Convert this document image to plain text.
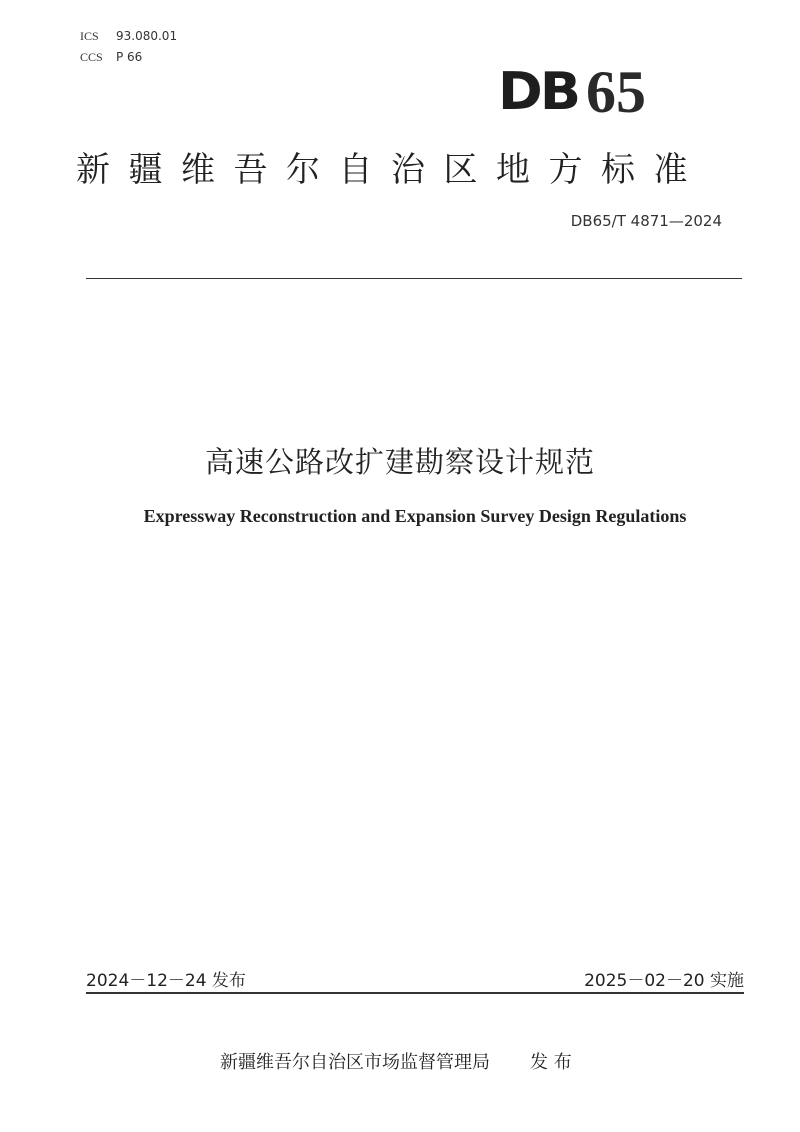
ICS	93.080.01
CCS P 66
DB 65
新疆维吾尔自治区地方标准
DB65/T 4871—2024
高速公路改扩建勘察设计规范
Expressway Reconstruction and Expansion Survey Design Regulations
2024－12－24 发布	2025－02－20 实施
新疆维吾尔自治区市场监督管理局 发 布
